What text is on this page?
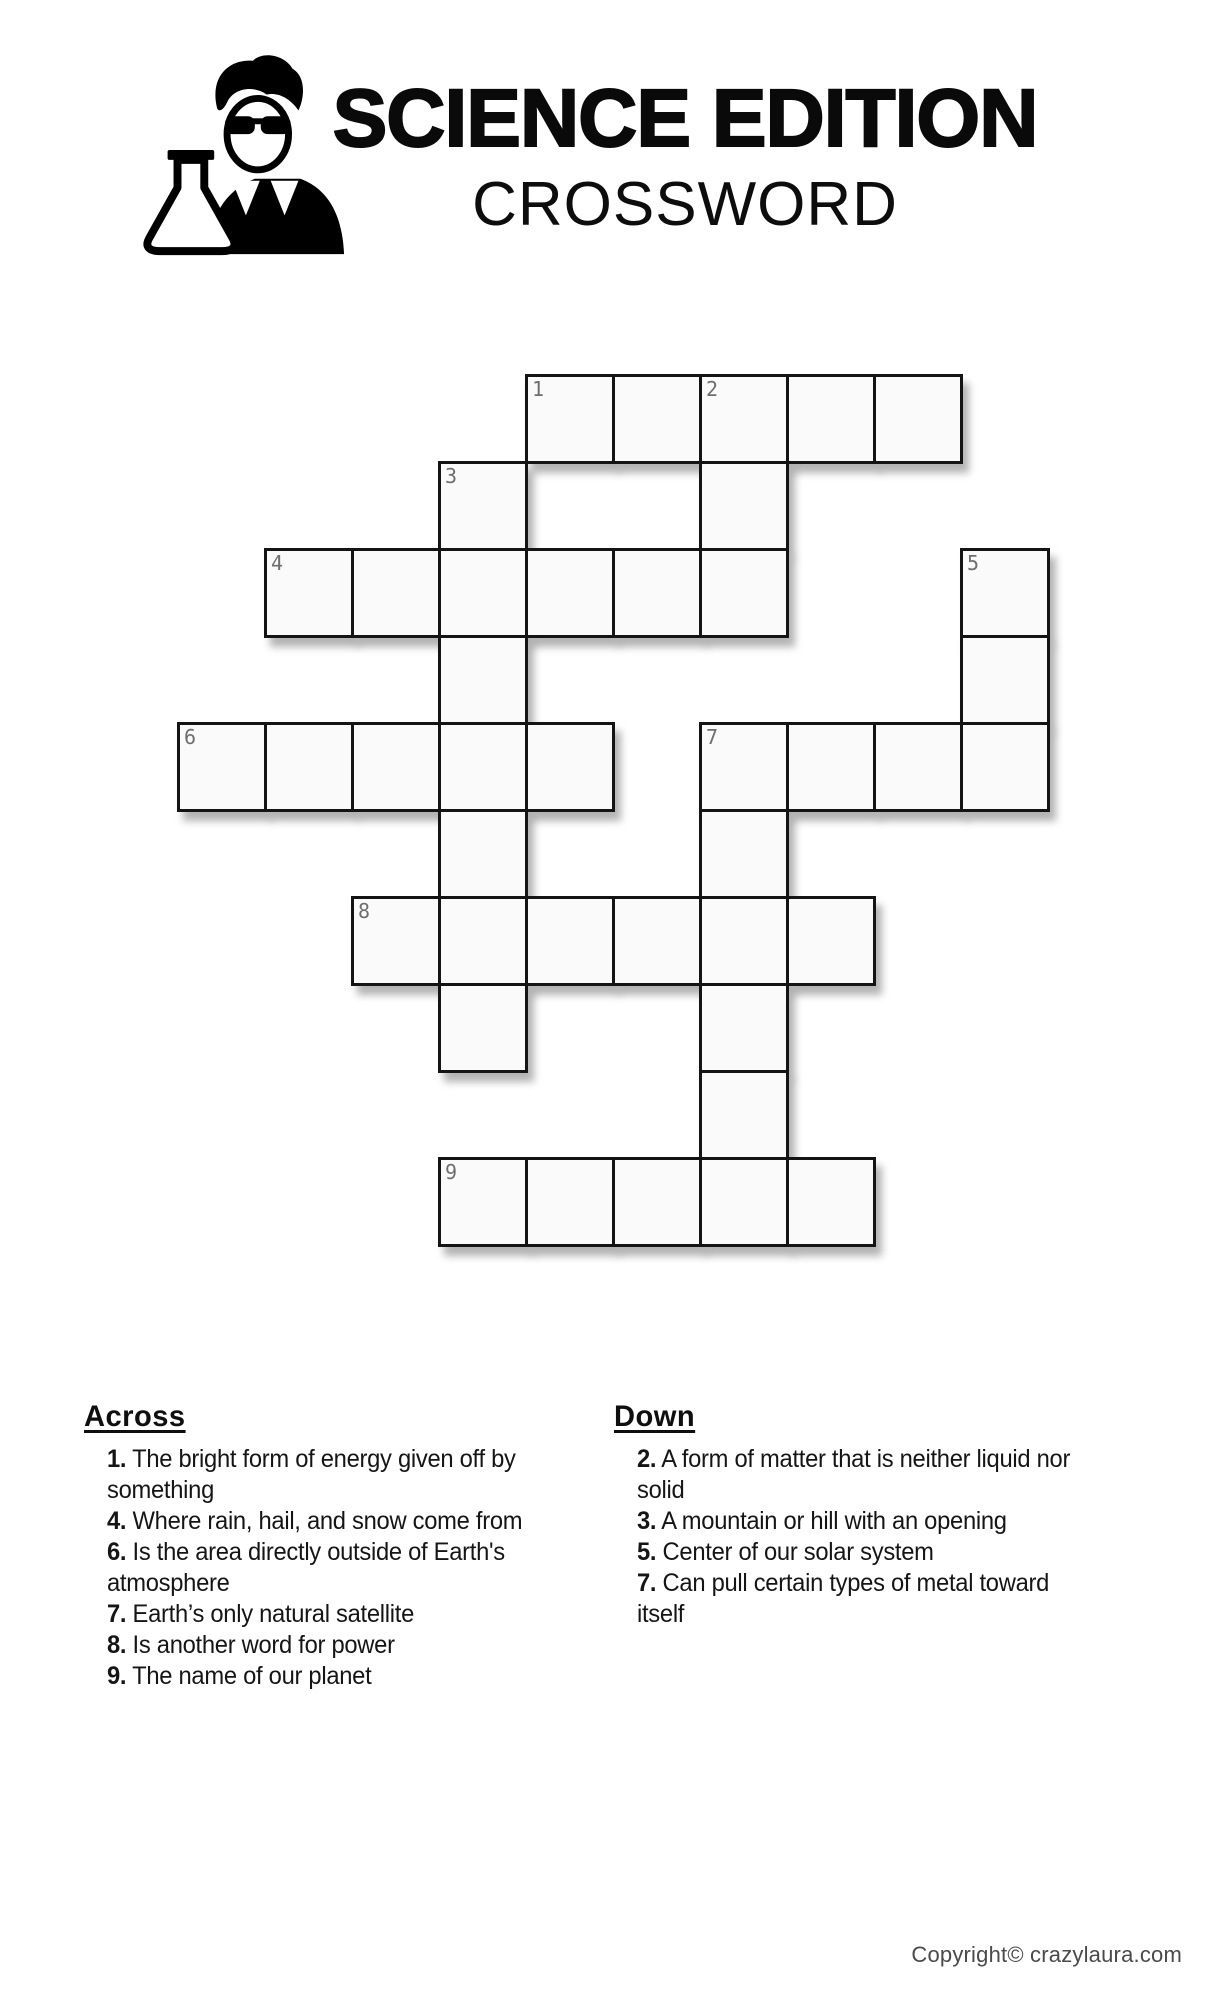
SCIENCE EDITION
CROSSWORD
1	2
3
4	5
6	7
8
9
Across
1. The bright form of energy given off by
something
4. Where rain, hail, and snow come from
6. Is the area directly outside of Earth's
atmosphere
7. Earth’s only natural satellite
8. Is another word for power
9. The name of our planet
Down
2. A form of matter that is neither liquid nor
solid
3. A mountain or hill with an opening
5. Center of our solar system
7. Can pull certain types of metal toward
itself
Copyright© crazylaura.com
